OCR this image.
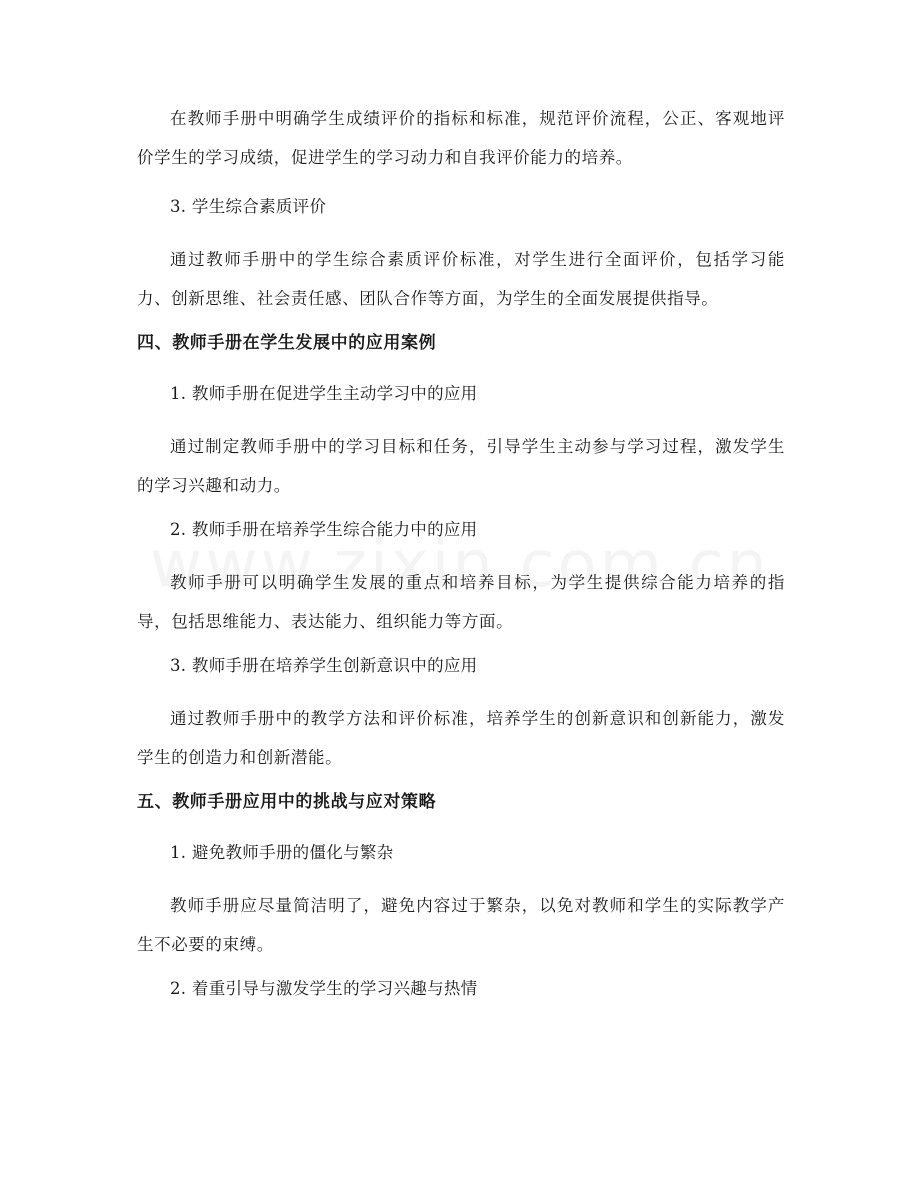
在教师手册中明确学生成绩评价的指标和标准，规范评价流程，公正、客观地评价学生的学习成绩，促进学生的学习动力和自我评价能力的培养。
3. 学生综合素质评价
通过教师手册中的学生综合素质评价标准，对学生进行全面评价，包括学习能力、创新思维、社会责任感、团队合作等方面，为学生的全面发展提供指导。
四、教师手册在学生发展中的应用案例
1. 教师手册在促进学生主动学习中的应用
通过制定教师手册中的学习目标和任务，引导学生主动参与学习过程，激发学生的学习兴趣和动力。
2. 教师手册在培养学生综合能力中的应用
教师手册可以明确学生发展的重点和培养目标，为学生提供综合能力培养的指导，包括思维能力、表达能力、组织能力等方面。
3. 教师手册在培养学生创新意识中的应用
通过教师手册中的教学方法和评价标准，培养学生的创新意识和创新能力，激发学生的创造力和创新潜能。
五、教师手册应用中的挑战与应对策略
1. 避免教师手册的僵化与繁杂
教师手册应尽量简洁明了，避免内容过于繁杂，以免对教师和学生的实际教学产生不必要的束缚。
2. 着重引导与激发学生的学习兴趣与热情
